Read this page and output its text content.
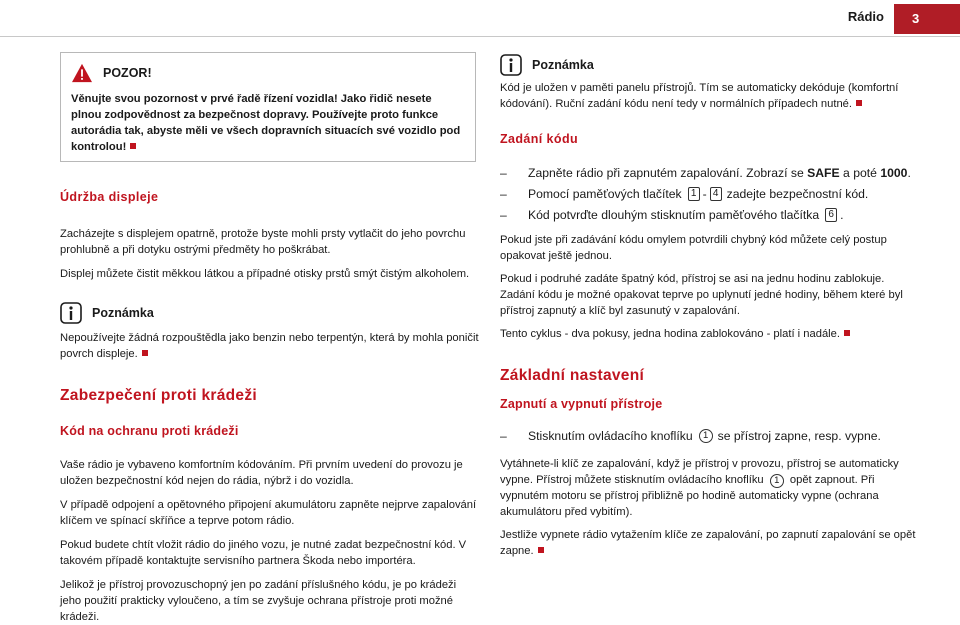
Rádio	3
POZOR!
Věnujte svou pozornost v prvé řadě řízení vozidla! Jako řidič nesete plnou zodpovědnost za bezpečnost dopravy. Používejte proto funkce autorádia tak, abyste měli ve všech dopravních situacích své vozidlo pod kontrolou!
Údržba displeje

Zacházejte s displejem opatrně, protože byste mohli prsty vytlačit do jeho povrchu prohlubně a při dotyku ostrými předměty ho poškrábat.

Displej můžete čistit měkkou látkou a případné otisky prstů smýt čistým alkoholem.

Poznámka

Nepoužívejte žádná rozpouštědla jako benzin nebo terpentýn, která by mohla poničit povrch displeje.

Zabezpečení proti krádeži
Kód na ochranu proti krádeži

Vaše rádio je vybaveno komfortním kódováním. Při prvním uvedení do provozu je uložen bezpečnostní kód nejen do rádia, nýbrž i do vozidla.

V případě odpojení a opětovného připojení akumulátoru zapněte nejprve zapalování klíčem ve spínací skříňce a teprve potom rádio.

Pokud budete chtít vložit rádio do jiného vozu, je nutné zadat bezpečnostní kód. V takovém případě kontaktujte servisního partnera Škoda nebo importéra.

Jelikož je přístroj provozuschopný jen po zadání příslušného kódu, je po krádeži jeho použití prakticky vyloučeno, a tím se zvyšuje ochrana přístroje proti možné krádeži.

Poznámka

Kód je uložen v paměti panelu přístrojů. Tím se automaticky dekóduje (komfortní kódování). Ruční zadání kódu není tedy v normálních případech nutné.

Zadání kódu
–	Zapněte rádio při zapnutém zapalování. Zobrazí se SAFE a poté 1000.
–	Pomocí paměťových tlačítek 1 - 4 zadejte bezpečnostní kód.
–	Kód potvrďte dlouhým stisknutím paměťového tlačítka 6 .

Pokud jste při zadávání kódu omylem potvrdili chybný kód můžete celý postup opakovat ještě jednou.

Pokud i podruhé zadáte špatný kód, přístroj se asi na jednu hodinu zablokuje. Zadání kódu je možné opakovat teprve po uplynutí jedné hodiny, během které byl přístroj zapnutý a klíč byl zasunutý v zapalování.

Tento cyklus - dva pokusy, jedna hodina zablokováno - platí i nadále.

Základní nastavení
Zapnutí a vypnutí přístroje
–	Stisknutím ovládacího knoflíku	1 se přístroj zapne, resp. vypne.

Vytáhnete-li klíč ze zapalování, když je přístroj v provozu, přístroj se automaticky vypne. Přístroj můžete stisknutím ovládacího knoflíku 1 opět zapnout. Při vypnutém motoru se přístroj přibližně po hodině automaticky vypne (ochrana akumulátoru před vybitím).

Jestliže vypnete rádio vytažením klíče ze zapalování, po zapnutí zapalování se opět zapne.
